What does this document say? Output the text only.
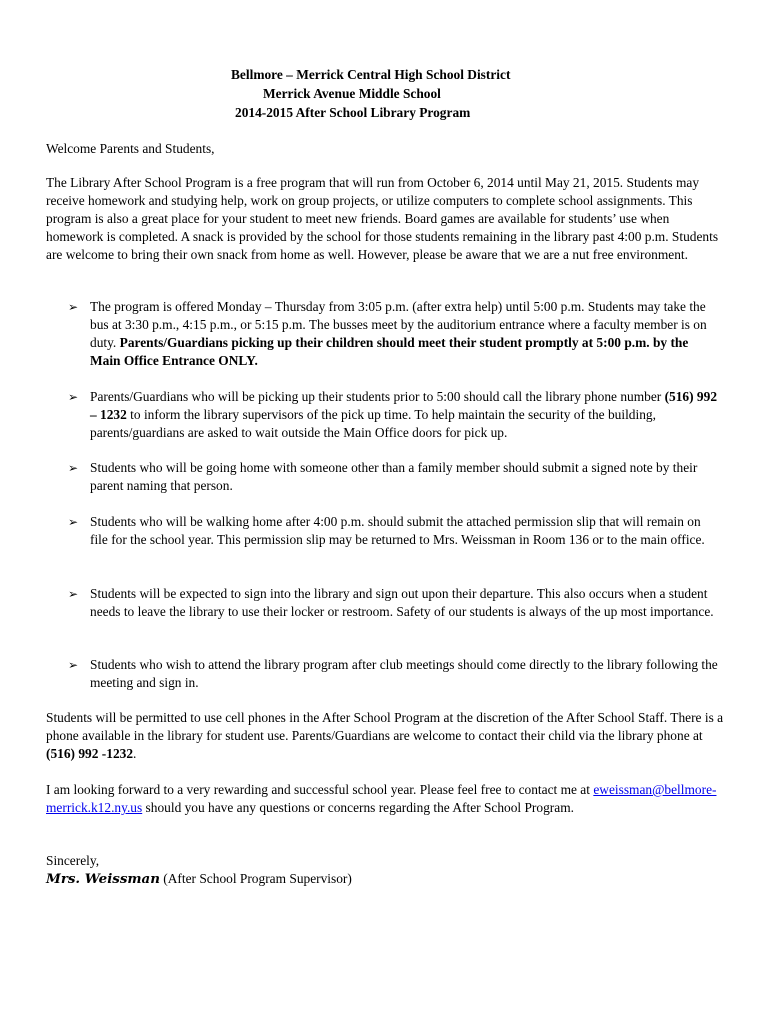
Bellmore – Merrick Central High School District
Merrick Avenue Middle School
2014-2015 After School Library Program
Welcome Parents and Students,
The Library After School Program is a free program that will run from October 6, 2014 until May 21, 2015. Students may receive homework and studying help, work on group projects, or utilize computers to complete school assignments. This program is also a great place for your student to meet new friends. Board games are available for students’ use when homework is completed. A snack is provided by the school for those students remaining in the library past 4:00 p.m. Students are welcome to bring their own snack from home as well. However, please be aware that we are a nut free environment.
➢ The program is offered Monday – Thursday from 3:05 p.m. (after extra help) until 5:00 p.m. Students may take the bus at 3:30 p.m., 4:15 p.m., or 5:15 p.m. The busses meet by the auditorium entrance where a faculty member is on duty. Parents/Guardians picking up their children should meet their student promptly at 5:00 p.m. by the Main Office Entrance ONLY.
➢ Parents/Guardians who will be picking up their students prior to 5:00 should call the library phone number (516) 992 – 1232 to inform the library supervisors of the pick up time. To help maintain the security of the building, parents/guardians are asked to wait outside the Main Office doors for pick up.
➢ Students who will be going home with someone other than a family member should submit a signed note by their parent naming that person.
➢ Students who will be walking home after 4:00 p.m. should submit the attached permission slip that will remain on file for the school year. This permission slip may be returned to Mrs. Weissman in Room 136 or to the main office.
➢ Students will be expected to sign into the library and sign out upon their departure. This also occurs when a student needs to leave the library to use their locker or restroom. Safety of our students is always of the up most importance.
➢ Students who wish to attend the library program after club meetings should come directly to the library following the meeting and sign in.
Students will be permitted to use cell phones in the After School Program at the discretion of the After School Staff. There is a phone available in the library for student use. Parents/Guardians are welcome to contact their child via the library phone at (516) 992 -1232.
I am looking forward to a very rewarding and successful school year. Please feel free to contact me at eweissman@bellmore-merrick.k12.ny.us should you have any questions or concerns regarding the After School Program.
Sincerely,
Mrs. Weissman (After School Program Supervisor)
